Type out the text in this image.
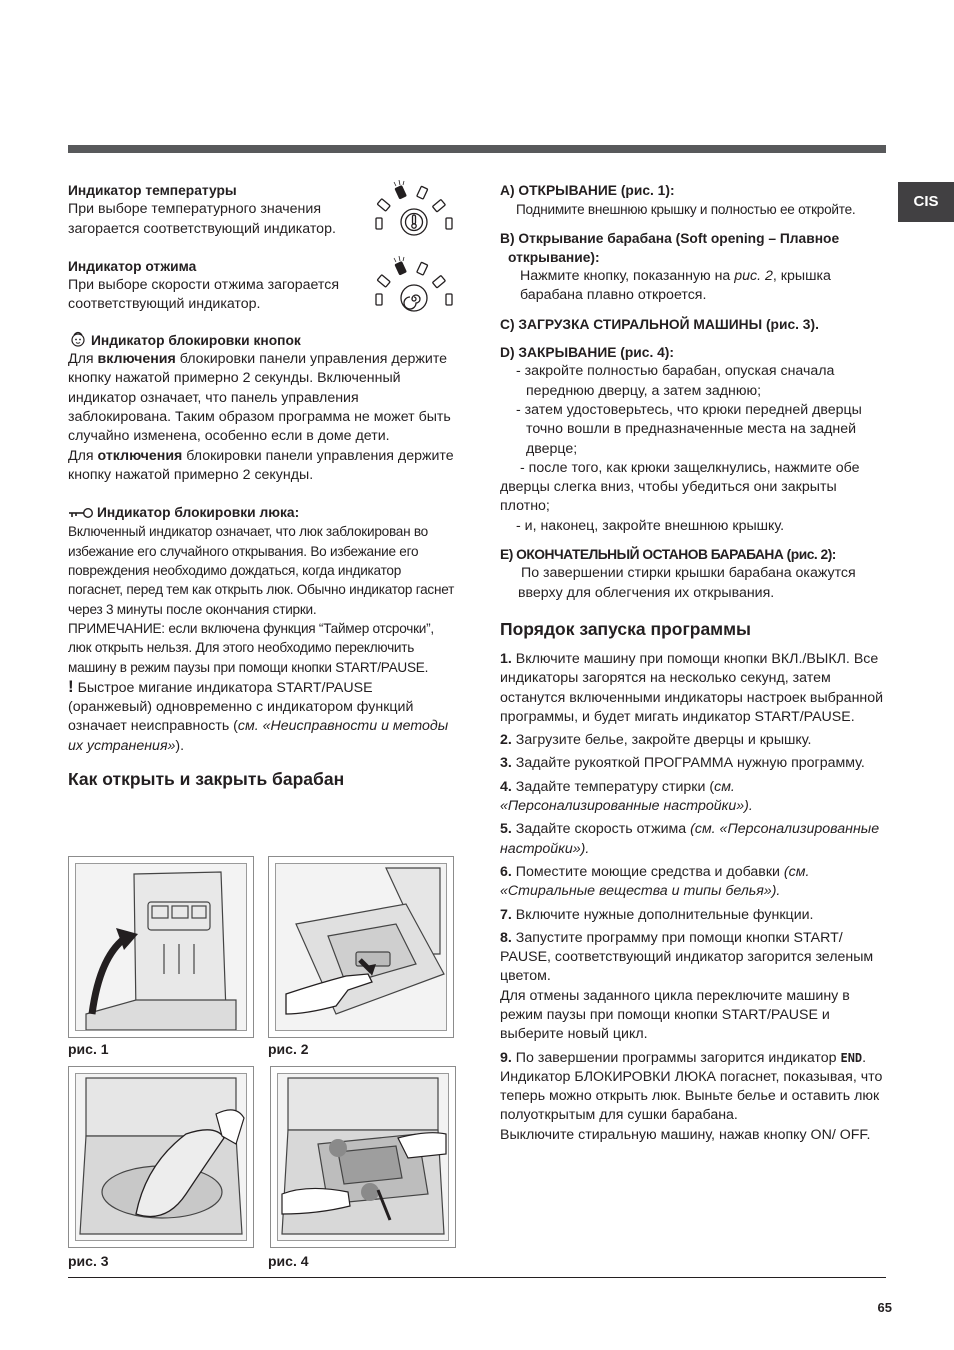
CIS

Индикатор температуры

При выборе температурного значения загорается соответствующий индикатор.

Индикатор отжима

При выборе скорости отжима загорается соответствующий индикатор.

Индикатор блокировки кнопок

Для включения блокировки панели управления держите кнопку нажатой примерно 2 секунды. Включенный индикатор означает, что панель управления заблокирована. Таким образом программа не может быть случайно изменена, особенно если в доме дети.

Для отключения блокировки панели управления держите кнопку нажатой примерно 2 секунды.

Индикатор блокировки люка:

Включенный индикатор означает, что люк заблокирован во избежание его случайного открывания. Во избежание его повреждения необходимо дождаться, когда индикатор погаснет, перед тем как открыть люк. Обычно индикатор гаснет через 3 минуты после окончания стирки.

ПРИМЕЧАНИЕ: если включена функция “Таймер отсрочки”, люк открыть нельзя. Для этого необходимо переключить машину в режим паузы при помощи кнопки START/PAUSE.

! Быстрое мигание индикатора START/PAUSE (оранжевый) одновременно с индикатором функций означает неисправность (см. «Неисправности и методы их устранения»).

Как открыть и закрыть барабан

рис. 1	рис. 2

рис. 3	рис. 4

A) ОТКРЫВАНИЕ (рис. 1):

Поднимите внешнюю крышку и полностью ее откройте.

B) Открывание барабана (Soft opening – Плавное открывание):

Нажмите кнопку, показанную на рис. 2, крышка барабана плавно откроется.

C) ЗАГРУЗКА СТИРАЛЬНОЙ МАШИНЫ (рис. 3).

D) ЗАКРЫВАНИЕ (рис. 4):

- закройте полностью барабан, опуская сначала переднюю дверцу, а затем заднюю;

- затем удостоверьтесь, что крюки передней дверцы точно вошли в предназначенные места на задней дверце;

- после того, как крюки защелкнулись, нажмите обе дверцы слегка вниз, чтобы убедиться они закрыты плотно;

- и, наконец, закройте внешнюю крышку.

E) ОКОНЧАТЕЛЬНЫЙ ОСТАНОВ БАРАБАНА (рис. 2):

По завершении стирки крышки барабана окажутся вверху для облегчения их открывания.

Порядок запуска программы

1. Включите машину при помощи кнопки ВКЛ./ВЫКЛ. Все индикаторы загорятся на несколько секунд, затем останутся включенными индикаторы настроек выбранной программы, и будет мигать индикатор START/PAUSE.

2. Загрузите белье, закройте дверцы и крышку.

3. Задайте рукояткой ПРОГРАММА нужную программу.

4. Задайте температуру стирки (см. «Персонализированные настройки»).

5. Задайте скорость отжима (см. «Персонализированные настройки»).

6. Поместите моющие средства и добавки (см. «Стиральные вещества и типы белья»).

7. Включите нужные дополнительные функции.

8. Запустите программу при помощи кнопки START/ PAUSE, соответствующий индикатор загорится зеленым цветом.

Для отмены заданного цикла переключите машину в режим паузы при помощи кнопки START/PAUSE и выберите новый цикл.

9. По завершении программы загорится индикатор END. Индикатор БЛОКИРОВКИ ЛЮКА погаснет, показывая, что теперь можно открыть люк. Выньте белье и оставить люк полуоткрытым для сушки барабана.

Выключите стиральную машину, нажав кнопку ON/ OFF.

65
